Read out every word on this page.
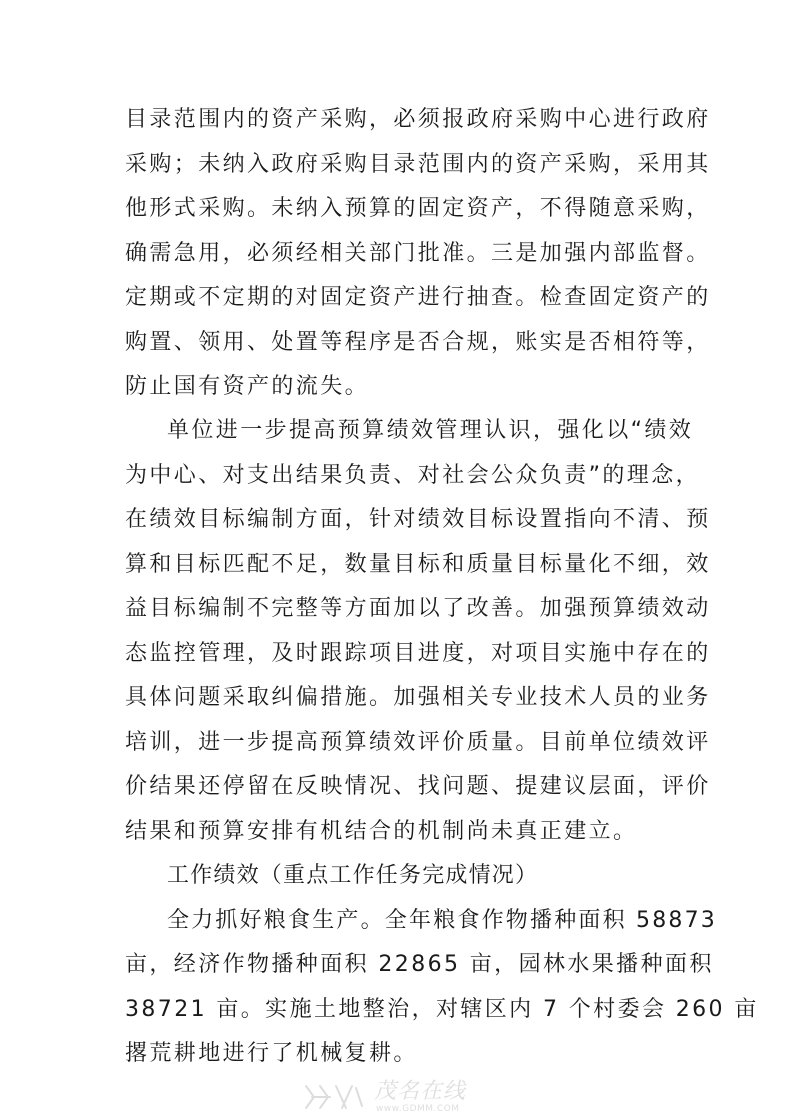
目录范围内的资产采购，必须报政府采购中心进行政府
采购；未纳入政府采购目录范围内的资产采购，采用其
他形式采购。未纳入预算的固定资产，不得随意采购，
确需急用，必须经相关部门批准。三是加强内部监督。
定期或不定期的对固定资产进行抽查。检查固定资产的
购置、领用、处置等程序是否合规，账实是否相符等，
防止国有资产的流失。
单位进一步提高预算绩效管理认识，强化以“绩效
为中心、对支出结果负责、对社会公众负责”的理念，
在绩效目标编制方面，针对绩效目标设置指向不清、预
算和目标匹配不足，数量目标和质量目标量化不细，效
益目标编制不完整等方面加以了改善。加强预算绩效动
态监控管理，及时跟踪项目进度，对项目实施中存在的
具体问题采取纠偏措施。加强相关专业技术人员的业务
培训，进一步提高预算绩效评价质量。目前单位绩效评
价结果还停留在反映情况、找问题、提建议层面，评价
结果和预算安排有机结合的机制尚未真正建立。
工作绩效（重点工作任务完成情况）
全力抓好粮食生产。全年粮食作物播种面积 58873
亩，经济作物播种面积 22865 亩，园林水果播种面积
38721 亩。实施土地整治，对辖区内 7 个村委会 260 亩
撂荒耕地进行了机械复耕。
茂名在线
www.GDMM.COM
